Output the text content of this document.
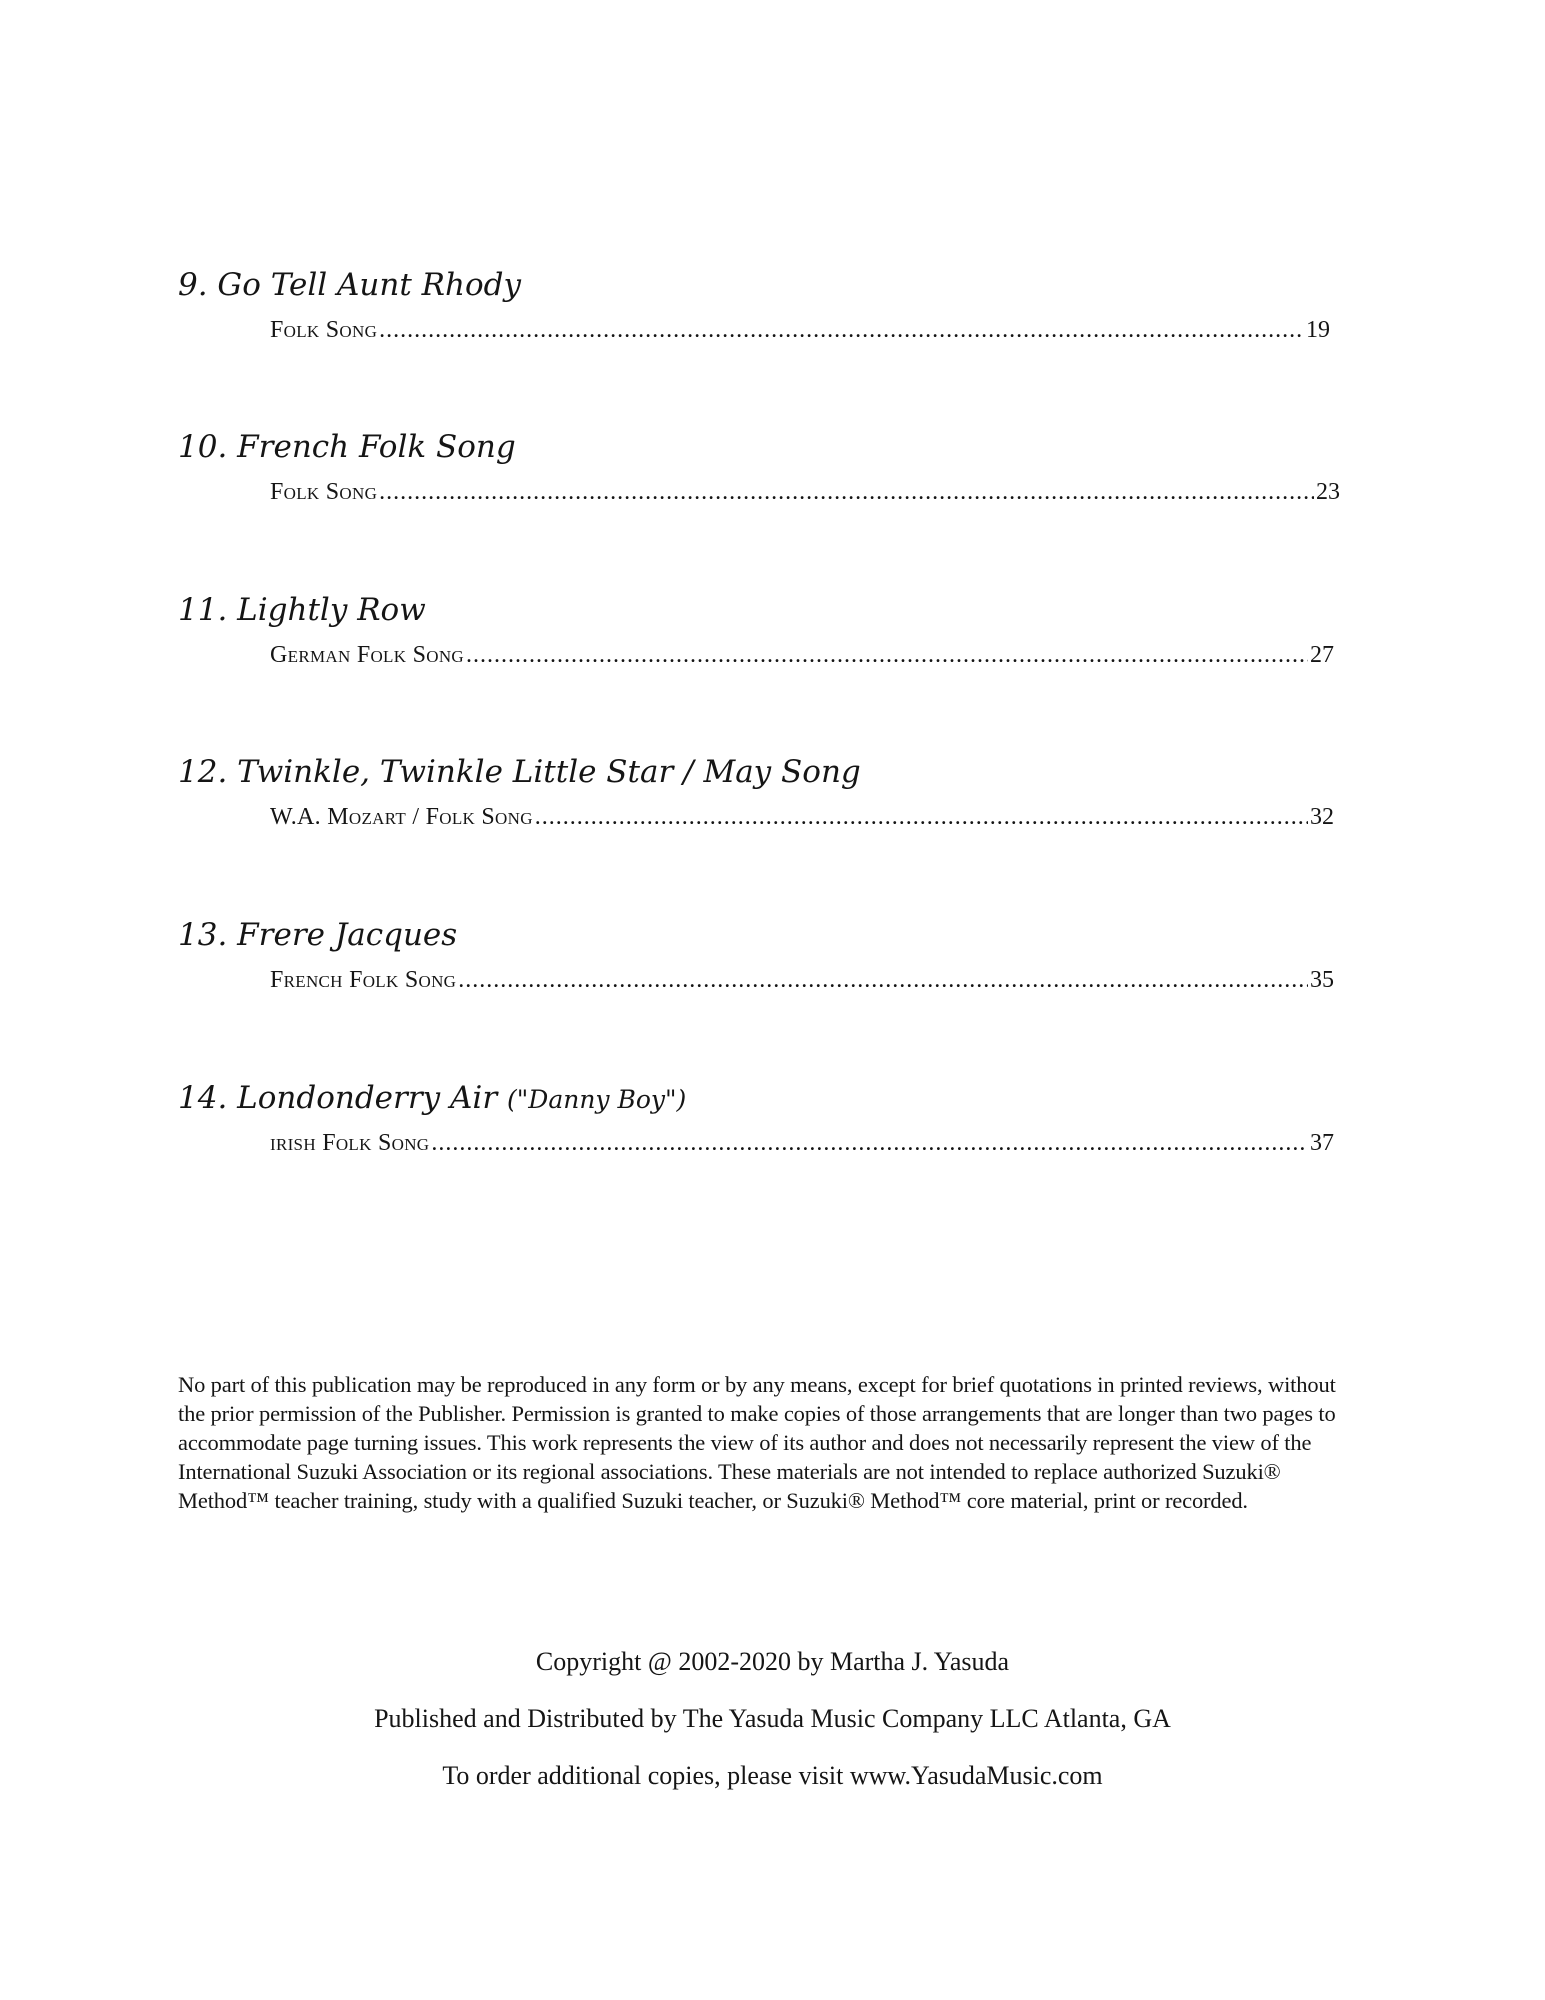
9. Go Tell Aunt Rhody
Folk Song .....	19
10. French Folk Song
Folk Song .....	23
11. Lightly Row
German Folk Song .....	27
12. Twinkle, Twinkle Little Star / May Song
W.A. Mozart / Folk Song .....	32
13. Frere Jacques
French Folk Song .....	35
14. Londonderry Air ("Danny Boy")
irish Folk Song .....	37
No part of this publication may be reproduced in any form or by any means, except for brief quotations in printed reviews, without the prior permission of the Publisher. Permission is granted to make copies of those arrangements that are longer than two pages to accommodate page turning issues. This work represents the view of its author and does not necessarily represent the view of the International Suzuki Association or its regional associations. These materials are not intended to replace authorized Suzuki® Method™ teacher training, study with a qualified Suzuki teacher, or Suzuki® Method™ core material, print or recorded.
Copyright @ 2002-2020 by Martha J. Yasuda
Published and Distributed by The Yasuda Music Company LLC Atlanta, GA
To order additional copies, please visit www.YasudaMusic.com
